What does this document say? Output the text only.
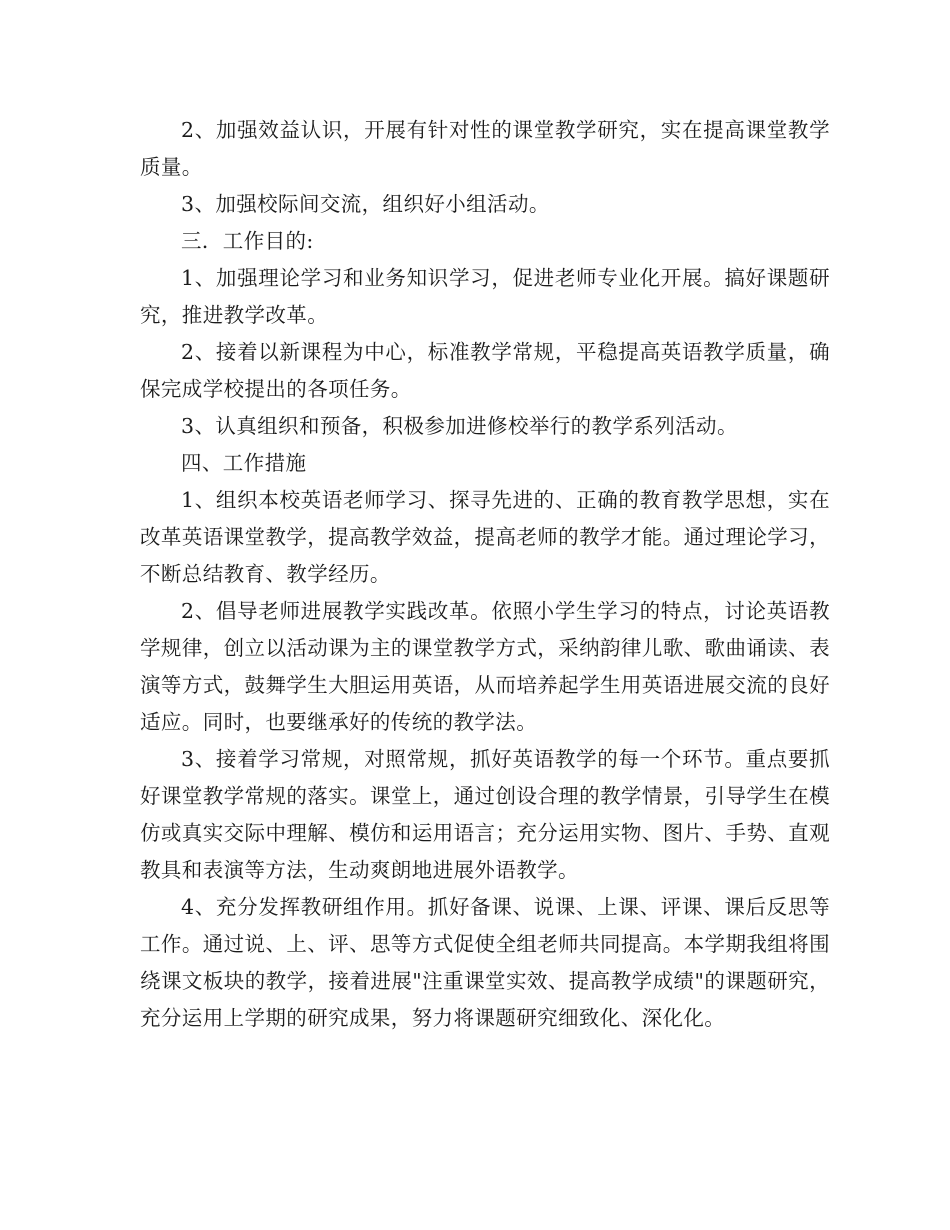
2、加强效益认识，开展有针对性的课堂教学研究，实在提高课堂教学质量。

3、加强校际间交流，组织好小组活动。

三．工作目的:

1、加强理论学习和业务知识学习，促进老师专业化开展。搞好课题研究，推进教学改革。

2、接着以新课程为中心，标准教学常规，平稳提高英语教学质量，确保完成学校提出的各项任务。

3、认真组织和预备，积极参加进修校举行的教学系列活动。

四、工作措施

1、组织本校英语老师学习、探寻先进的、正确的教育教学思想，实在改革英语课堂教学，提高教学效益，提高老师的教学才能。通过理论学习，不断总结教育、教学经历。

2、倡导老师进展教学实践改革。依照小学生学习的特点，讨论英语教学规律，创立以活动课为主的课堂教学方式，采纳韵律儿歌、歌曲诵读、表演等方式，鼓舞学生大胆运用英语，从而培养起学生用英语进展交流的良好适应。同时，也要继承好的传统的教学法。

3、接着学习常规，对照常规，抓好英语教学的每一个环节。重点要抓好课堂教学常规的落实。课堂上，通过创设合理的教学情景，引导学生在模仿或真实交际中理解、模仿和运用语言；充分运用实物、图片、手势、直观教具和表演等方法，生动爽朗地进展外语教学。

4、充分发挥教研组作用。抓好备课、说课、上课、评课、课后反思等工作。通过说、上、评、思等方式促使全组老师共同提高。本学期我组将围绕课文板块的教学，接着进展"注重课堂实效、提高教学成绩"的课题研究，充分运用上学期的研究成果，努力将课题研究细致化、深化化。
